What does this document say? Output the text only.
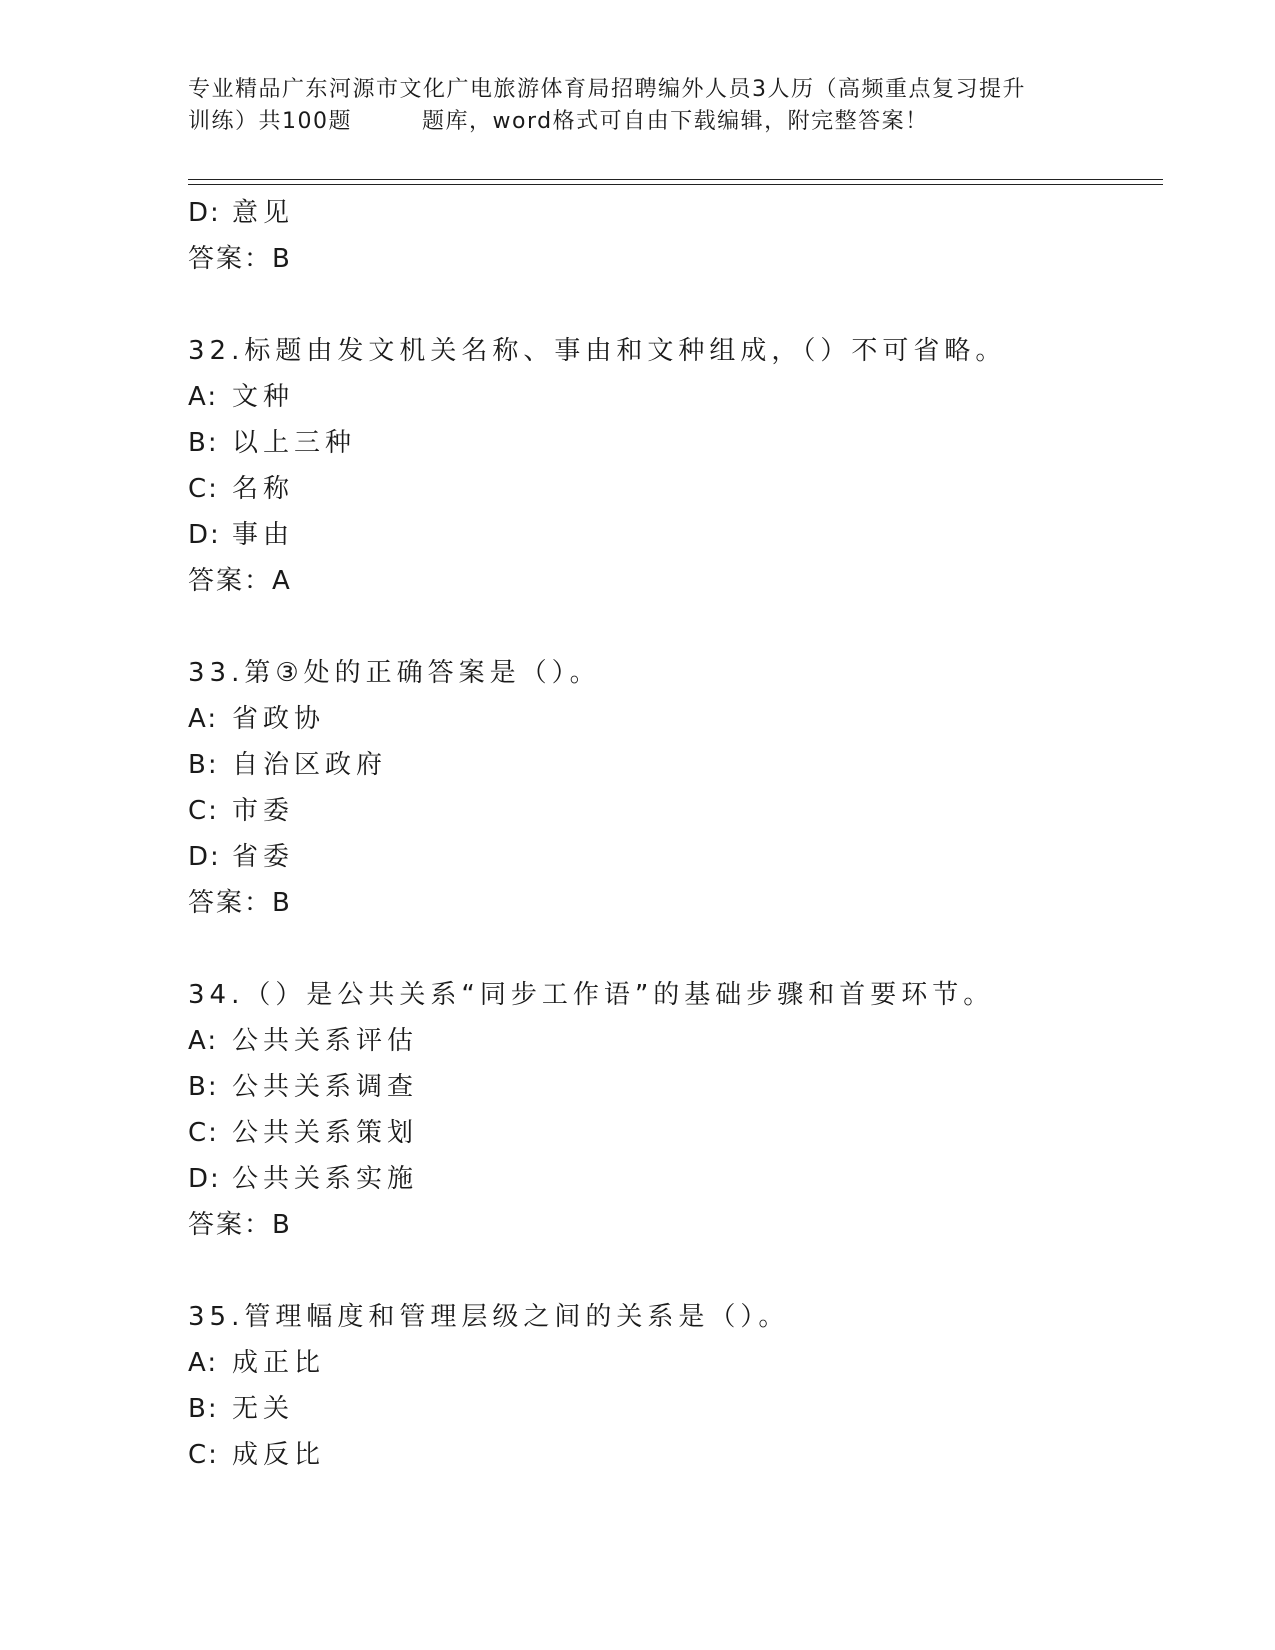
专业精品广东河源市文化广电旅游体育局招聘编外人员3人历（高频重点复习提升
训练）共100题	题库，word格式可自由下载编辑，附完整答案！
D: 意见
答案：B
32.标题由发文机关名称、事由和文种组成，（）不可省略。
A: 文种
B: 以上三种
C: 名称
D: 事由
答案：A
33.第③处的正确答案是（）。
A: 省政协
B: 自治区政府
C: 市委
D: 省委
答案：B
34.（）是公共关系“同步工作语”的基础步骤和首要环节。
A: 公共关系评估
B: 公共关系调查
C: 公共关系策划
D: 公共关系实施
答案：B
35.管理幅度和管理层级之间的关系是（）。
A: 成正比
B: 无关
C: 成反比
